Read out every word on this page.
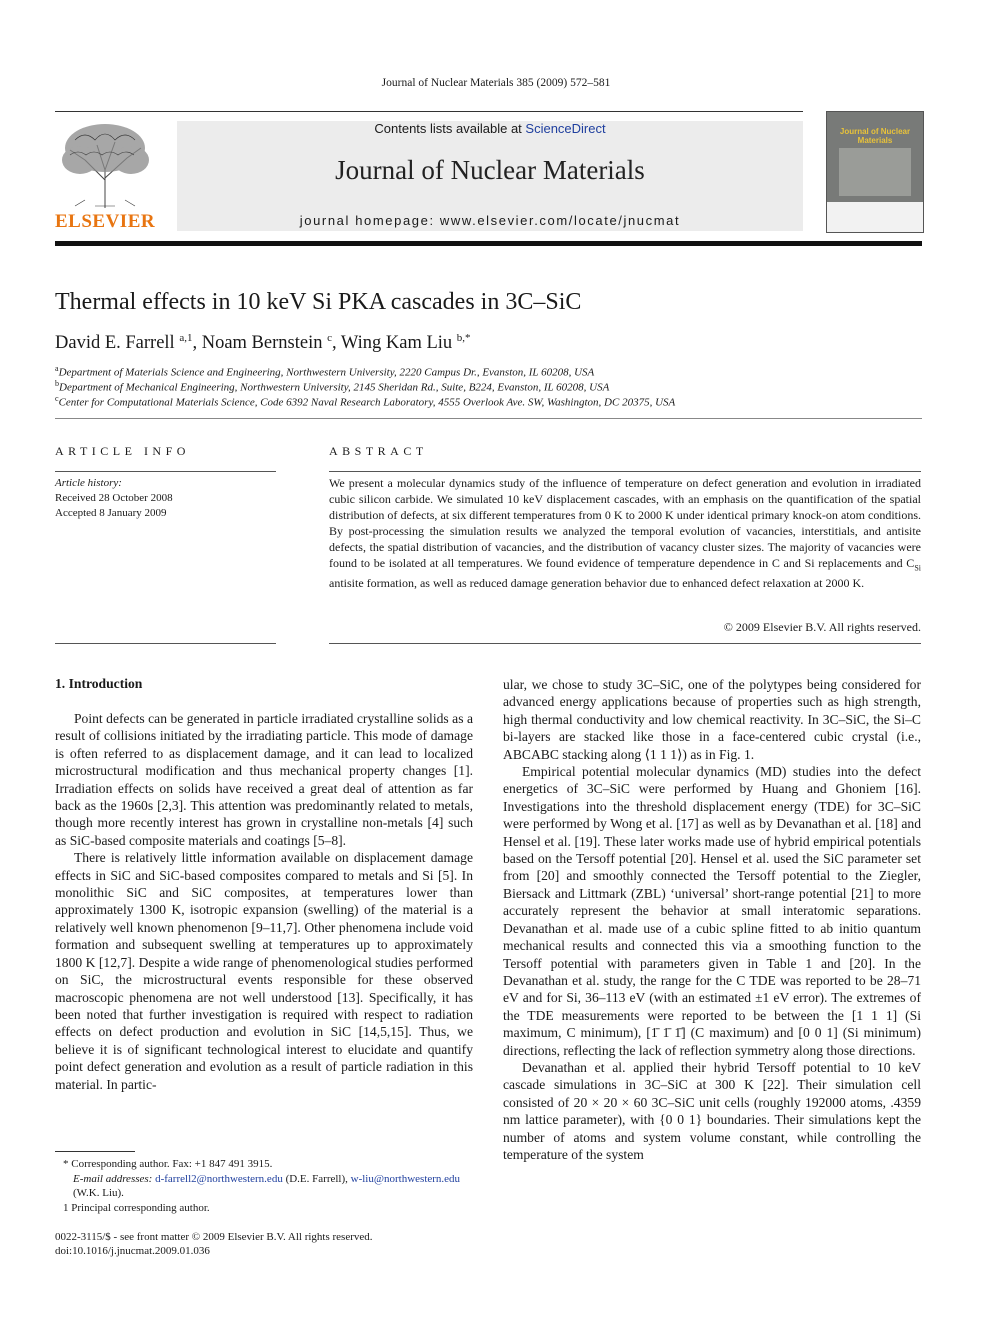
Journal of Nuclear Materials 385 (2009) 572–581
ELSEVIER
Contents lists available at ScienceDirect
Journal of Nuclear Materials
journal homepage: www.elsevier.com/locate/jnucmat
Journal of Nuclear Materials
Thermal effects in 10 keV Si PKA cascades in 3C–SiC
David E. Farrell $^{a,1}$, Noam Bernstein $^c$, Wing Kam Liu $^{b,*}$
$^a$Department of Materials Science and Engineering, Northwestern University, 2220 Campus Dr., Evanston, IL 60208, USA
$^b$Department of Mechanical Engineering, Northwestern University, 2145 Sheridan Rd., Suite, B224, Evanston, IL 60208, USA
$^c$Center for Computational Materials Science, Code 6392 Naval Research Laboratory, 4555 Overlook Ave. SW, Washington, DC 20375, USA
ARTICLE INFO
Article history:
Received 28 October 2008
Accepted 8 January 2009
ABSTRACT
We present a molecular dynamics study of the influence of temperature on defect generation and evolution in irradiated cubic silicon carbide. We simulated 10 keV displacement cascades, with an emphasis on the quantification of the spatial distribution of defects, at six different temperatures from 0 K to 2000 K under identical primary knock-on atom conditions. By post-processing the simulation results we analyzed the temporal evolution of vacancies, interstitials, and antisite defects, the spatial distribution of vacancies, and the distribution of vacancy cluster sizes. The majority of vacancies were found to be isolated at all temperatures. We found evidence of temperature dependence in C and Si replacements and $C_{Si}$ antisite formation, as well as reduced damage generation behavior due to enhanced defect relaxation at 2000 K.
© 2009 Elsevier B.V. All rights reserved.
1. Introduction

Point defects can be generated in particle irradiated crystalline solids as a result of collisions initiated by the irradiating particle. This mode of damage is often referred to as displacement damage, and it can lead to localized microstructural modification and thus mechanical property changes [1]. Irradiation effects on solids have received a great deal of attention as far back as the 1960s [2,3]. This attention was predominantly related to metals, though more recently interest has grown in crystalline non-metals [4] such as SiC-based composite materials and coatings [5–8].

There is relatively little information available on displacement damage effects in SiC and SiC-based composites compared to metals and Si [5]. In monolithic SiC and SiC composites, at temperatures lower than approximately 1300 K, isotropic expansion (swelling) of the material is a relatively well known phenomenon [9–11,7]. Other phenomena include void formation and subsequent swelling at temperatures up to approximately 1800 K [12,7]. Despite a wide range of phenomenological studies performed on SiC, the microstructural events responsible for these observed macroscopic phenomena are not well understood [13]. Specifically, it has been noted that further investigation is required with respect to radiation effects on defect production and evolution in SiC [14,5,15]. Thus, we believe it is of significant technological interest to elucidate and quantify point defect generation and evolution as a result of particle radiation in this material. In partic-

ular, we chose to study 3C–SiC, one of the polytypes being considered for advanced energy applications because of properties such as high strength, high thermal conductivity and low chemical reactivity. In 3C–SiC, the Si–C bi-layers are stacked like those in a face-centered cubic crystal (i.e., ABCABC stacking along ⟨1 1 1⟩) as in Fig. 1.

Empirical potential molecular dynamics (MD) studies into the defect energetics of 3C–SiC were performed by Huang and Ghoniem [16]. Investigations into the threshold displacement energy (TDE) for 3C–SiC were performed by Wong et al. [17] as well as by Devanathan et al. [18] and Hensel et al. [19]. These later works made use of hybrid empirical potentials based on the Tersoff potential [20]. Hensel et al. used the SiC parameter set from [20] and smoothly connected the Tersoff potential to the Ziegler, Biersack and Littmark (ZBL) ‘universal’ short-range potential [21] to more accurately represent the behavior at small interatomic separations. Devanathan et al. made use of a cubic spline fitted to ab initio quantum mechanical results and connected this via a smoothing function to the Tersoff potential with parameters given in Table 1 and [20]. In the Devanathan et al. study, the range for the C TDE was reported to be 28–71 eV and for Si, 36–113 eV (with an estimated ±1 eV error). The extremes of the TDE measurements were reported to be between the [1 1 1] (Si maximum, C minimum), [1̄ 1̄ 1̄] (C maximum) and [0 0 1] (Si minimum) directions, reflecting the lack of reflection symmetry along those directions.

Devanathan et al. applied their hybrid Tersoff potential to 10 keV cascade simulations in 3C–SiC at 300 K [22]. Their simulation cell consisted of 20 × 20 × 60 3C–SiC unit cells (roughly 192000 atoms, .4359 nm lattice parameter), with {0 0 1} boundaries. Their simulations kept the number of atoms and system volume constant, while controlling the temperature of the system

* Corresponding author. Fax: +1 847 491 3915.
E-mail addresses: d-farrell2@northwestern.edu (D.E. Farrell), w-liu@northwestern.edu (W.K. Liu).
1 Principal corresponding author.
0022-3115/$ - see front matter © 2009 Elsevier B.V. All rights reserved.
doi:10.1016/j.jnucmat.2009.01.036
